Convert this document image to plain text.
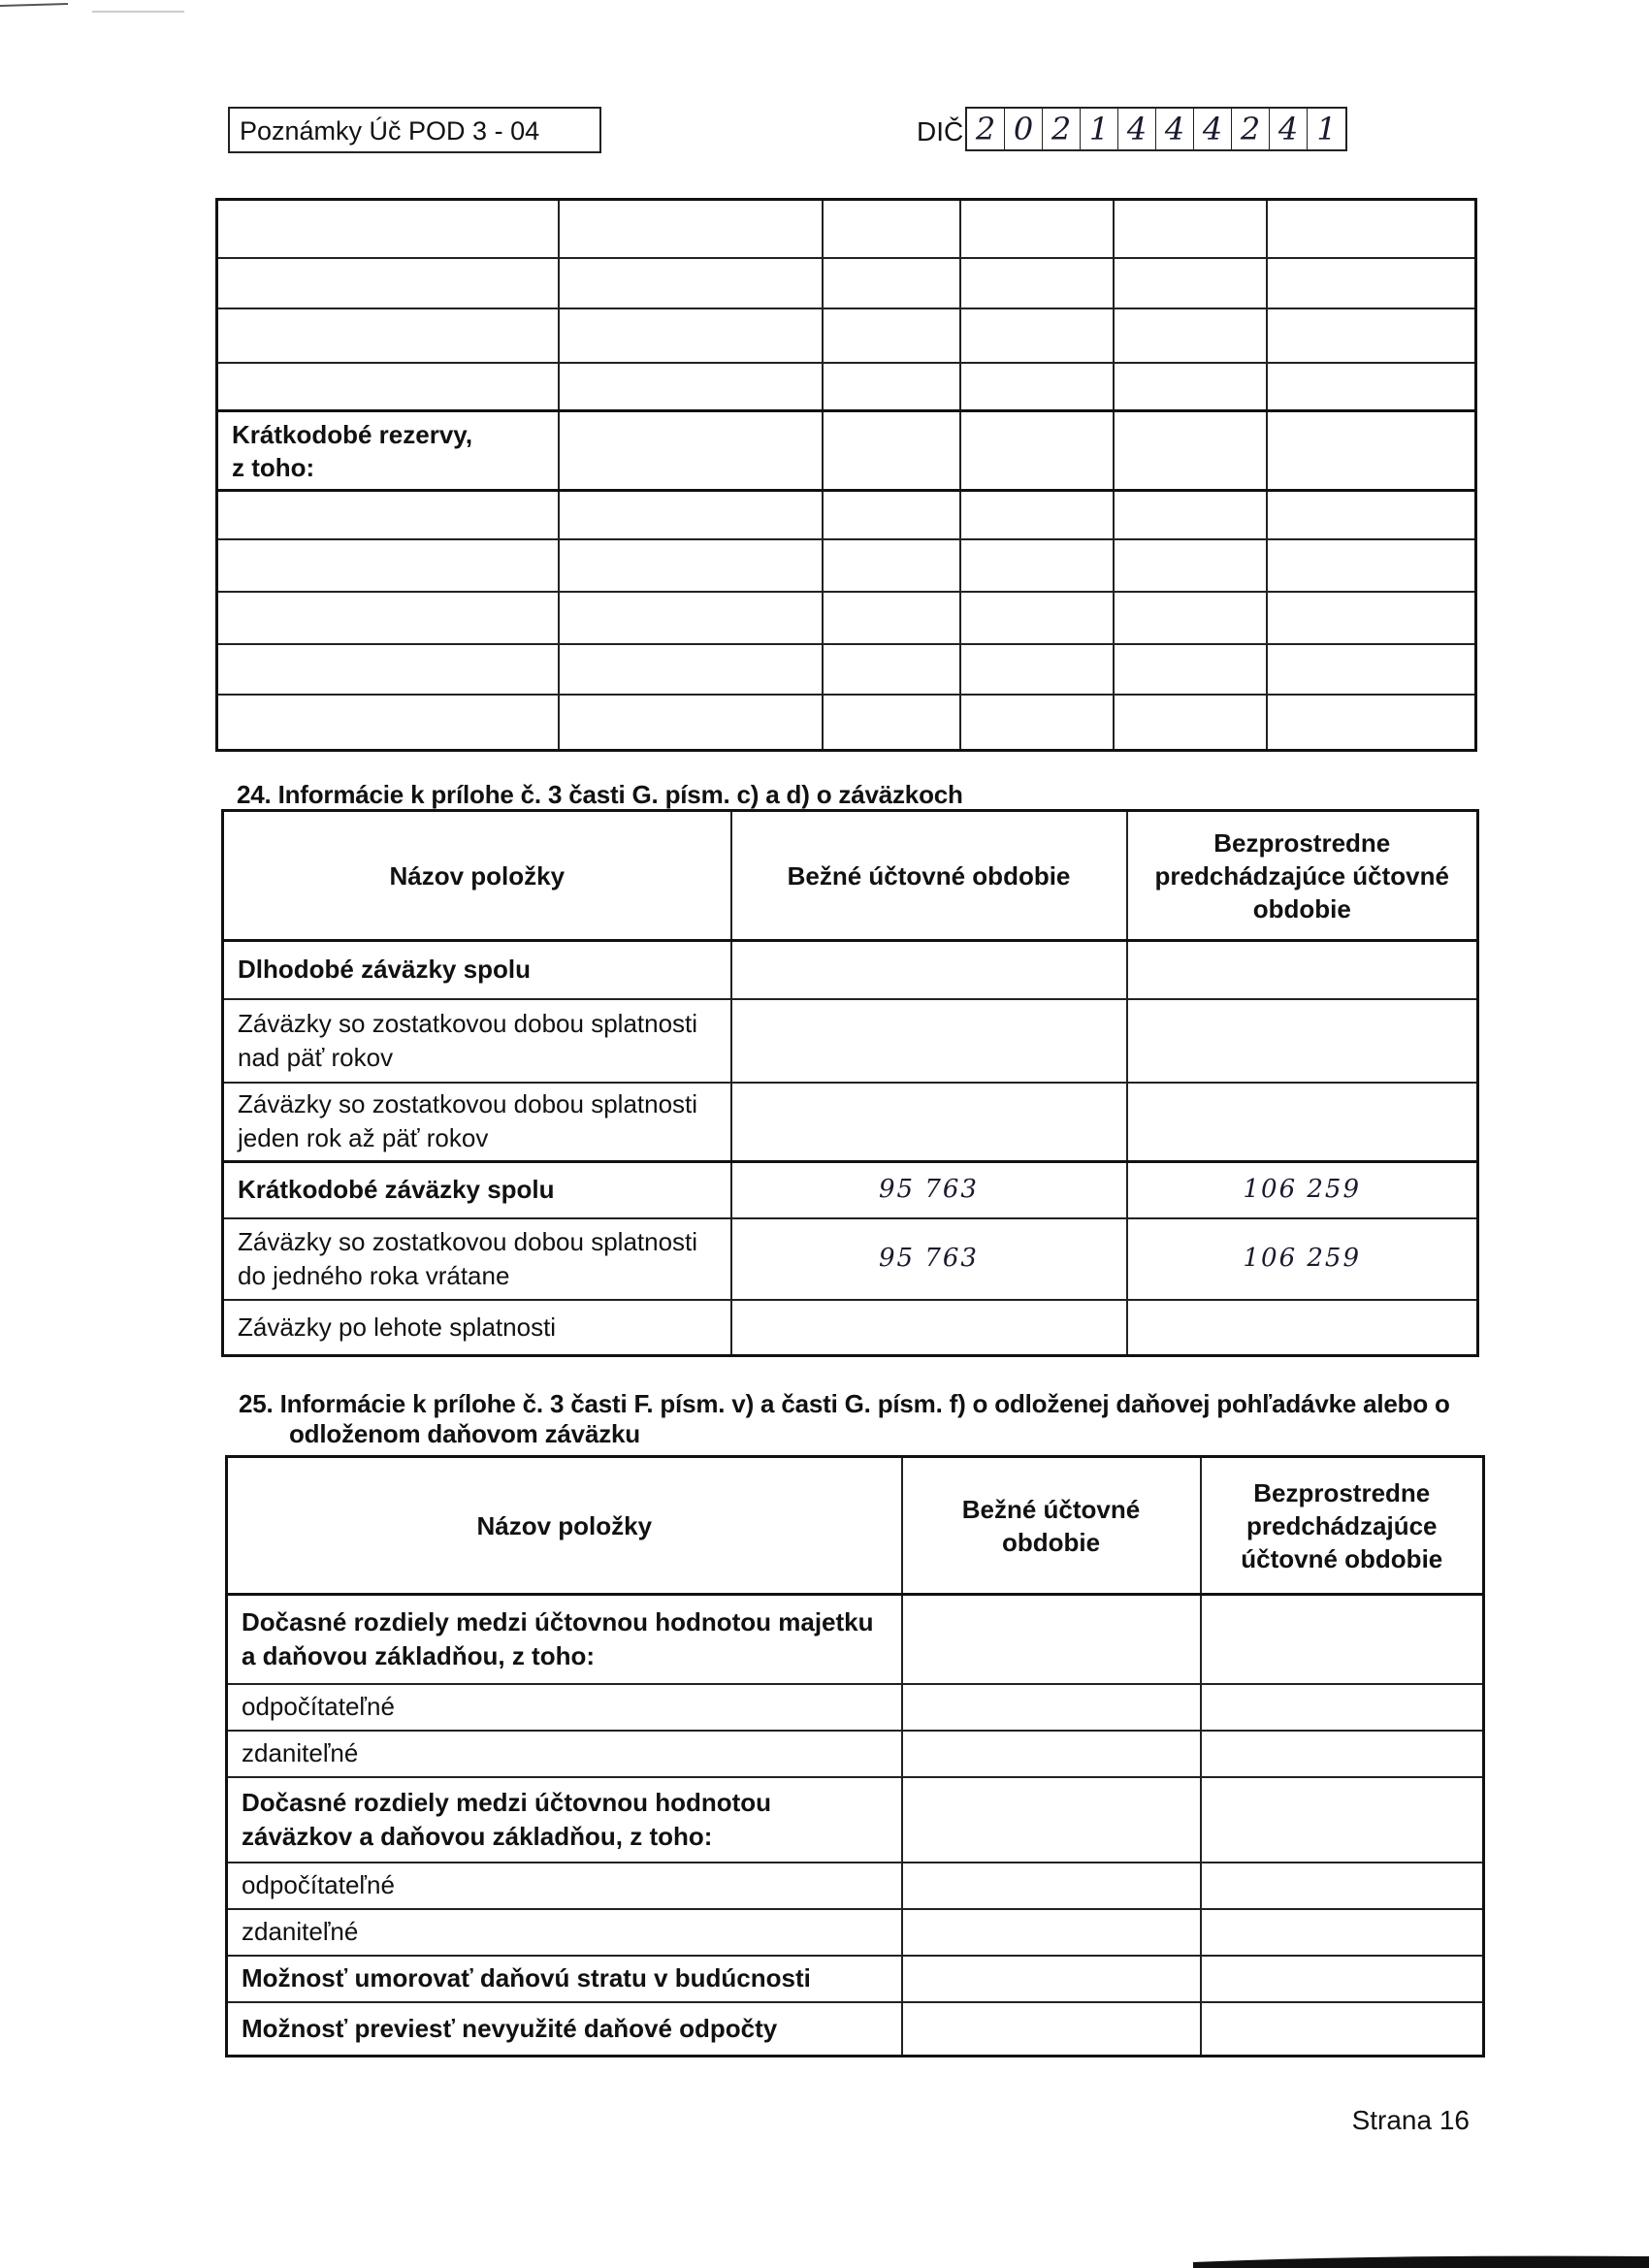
Poznámky Úč POD 3 - 04	DIČ 2 0 2 1 4 4 4 2 4 1

Krátkodobé rezervy,
z toho:					

24. Informácie k prílohe č. 3 časti G. písm. c) a d) o záväzkoch
Názov položky	Bežné účtovné obdobie	Bezprostredne predchádzajúce účtovné obdobie
Dlhodobé záväzky spolu		
Záväzky so zostatkovou dobou splatnosti nad päť rokov		
Záväzky so zostatkovou dobou splatnosti jeden rok až päť rokov		
Krátkodobé záväzky spolu	95 763	106 259
Záväzky so zostatkovou dobou splatnosti do jedného roka vrátane	95 763	106 259
Záväzky po lehote splatnosti		
25. Informácie k prílohe č. 3 časti F. písm. v) a časti G. písm. f) o odloženej daňovej pohľadávke alebo o
odloženom daňovom záväzku
Názov položky	Bežné účtovné obdobie	Bezprostredne predchádzajúce účtovné obdobie
Dočasné rozdiely medzi účtovnou hodnotou majetku a daňovou základňou, z toho:		
odpočítateľné		
zdaniteľné		
Dočasné rozdiely medzi účtovnou hodnotou záväzkov a daňovou základňou, z toho:		
odpočítateľné		
zdaniteľné		
Možnosť umorovať daňovú stratu v budúcnosti		
Možnosť previesť nevyužité daňové odpočty		
Strana 16
